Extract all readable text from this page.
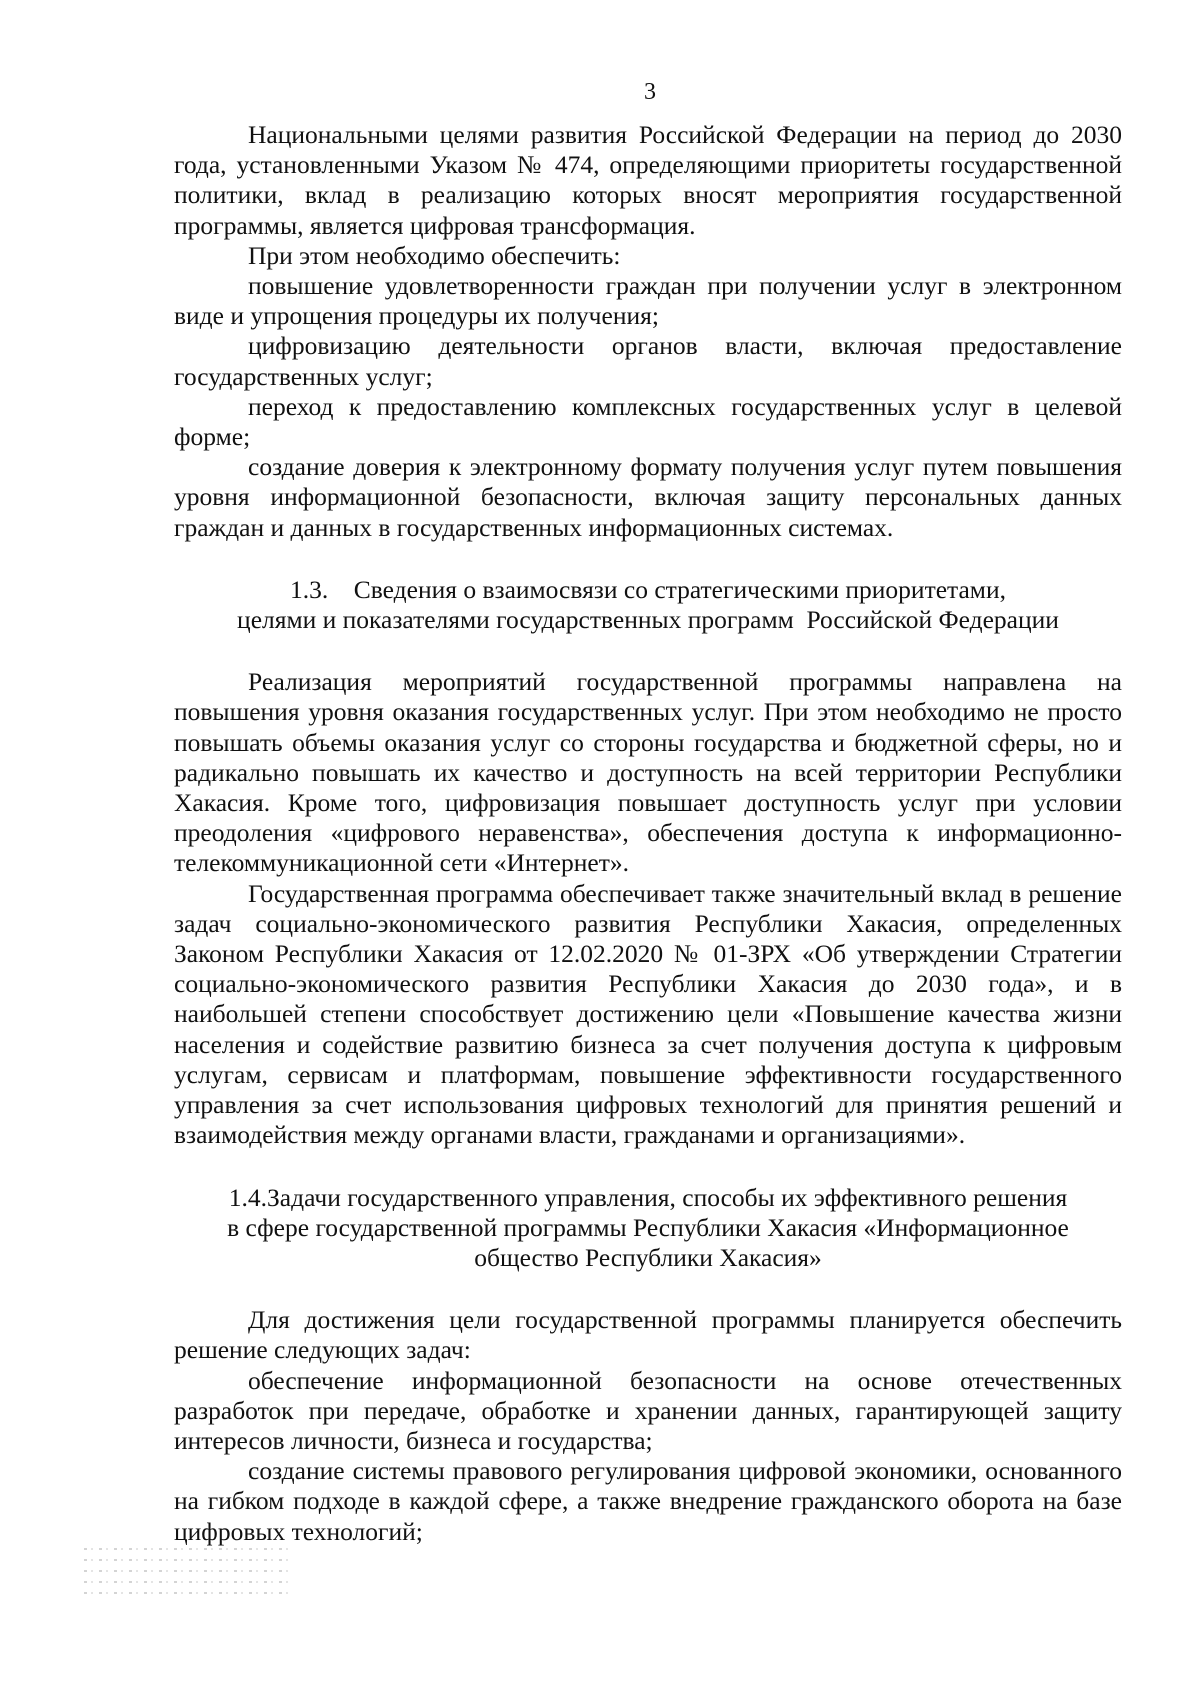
3

Национальными целями развития Российской Федерации на период до 2030 года, установленными Указом № 474, определяющими приоритеты государственной политики, вклад в реализацию которых вносят мероприятия государственной программы, является цифровая трансформация.

При этом необходимо обеспечить:

повышение удовлетворенности граждан при получении услуг в электронном виде и упрощения процедуры их получения;

цифровизацию деятельности органов власти, включая предоставление государственных услуг;

переход к предоставлению комплексных государственных услуг в целевой форме;

создание доверия к электронному формату получения услуг путем повышения уровня информационной безопасности, включая защиту персональных данных граждан и данных в государственных информационных системах.

1.3.    Сведения о взаимосвязи со стратегическими приоритетами,
целями и показателями государственных программ  Российской Федерации

Реализация мероприятий государственной программы направлена на повышения уровня оказания государственных услуг. При этом необходимо не просто повышать объемы оказания услуг со стороны государства и бюджетной сферы, но и радикально повышать их качество и доступность на всей территории Республики Хакасия. Кроме того, цифровизация повышает доступность услуг при условии преодоления «цифрового неравенства», обеспечения доступа к информационно-телекоммуникационной сети «Интернет».

Государственная программа обеспечивает также значительный вклад в решение задач социально-экономического развития Республики Хакасия, определенных Законом Республики Хакасия от 12.02.2020 № 01-ЗРХ «Об утверждении Стратегии социально-экономического развития Республики Хакасия до 2030 года», и в наибольшей степени способствует достижению цели «Повышение качества жизни населения и содействие развитию бизнеса за счет получения доступа к цифровым услугам, сервисам и платформам, повышение эффективности государственного управления за счет использования цифровых технологий для принятия решений и взаимодействия между органами власти, гражданами и организациями».

1.4.Задачи государственного управления, способы их эффективного решения
в сфере государственной программы Республики Хакасия «Информационное
общество Республики Хакасия»

Для достижения цели государственной программы планируется обеспечить решение следующих задач:

обеспечение информационной безопасности на основе отечественных разработок при передаче, обработке и хранении данных, гарантирующей защиту интересов личности, бизнеса и государства;

создание системы правового регулирования цифровой экономики, основанного на гибком подходе в каждой сфере, а также внедрение гражданского оборота на базе цифровых технологий;
